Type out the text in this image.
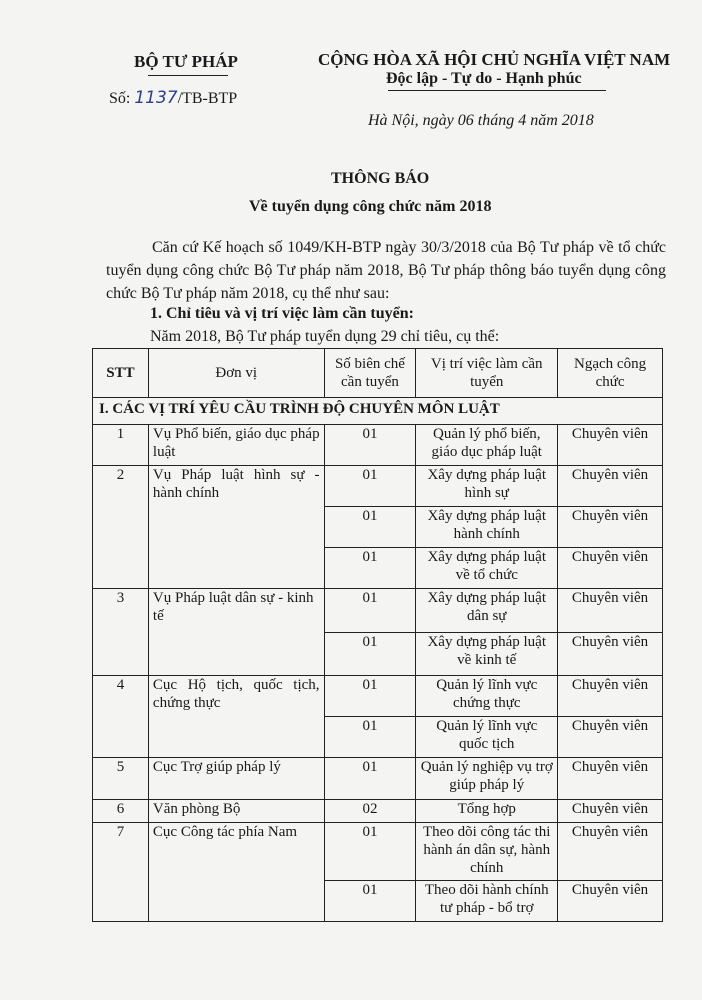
BỘ TƯ PHÁP
Số: 1137/TB-BTP
CỘNG HÒA XÃ HỘI CHỦ NGHĨA VIỆT NAM
Độc lập - Tự do - Hạnh phúc
Hà Nội, ngày 06 tháng 4 năm 2018
THÔNG BÁO
Về tuyển dụng công chức năm 2018
Căn cứ Kế hoạch số 1049/KH-BTP ngày 30/3/2018 của Bộ Tư pháp về tổ chức tuyển dụng công chức Bộ Tư pháp năm 2018, Bộ Tư pháp thông báo tuyển dụng công chức Bộ Tư pháp năm 2018, cụ thể như sau:
1. Chỉ tiêu và vị trí việc làm cần tuyển:
Năm 2018, Bộ Tư pháp tuyển dụng 29 chỉ tiêu, cụ thể:
STT	Đơn vị	Số biên chế cần tuyển	Vị trí việc làm cần tuyển	Ngạch công chức
I. CÁC VỊ TRÍ YÊU CẦU TRÌNH ĐỘ CHUYÊN MÔN LUẬT				
1	Vụ Phổ biến, giáo dục pháp luật	01	Quản lý phổ biến, giáo dục pháp luật	Chuyên viên
2	Vụ Pháp luật hình sự - hành chính	01	Xây dựng pháp luật hình sự	Chuyên viên
		01	Xây dựng pháp luật hành chính	Chuyên viên
		01	Xây dựng pháp luật về tổ chức	Chuyên viên
3	Vụ Pháp luật dân sự - kinh tế	01	Xây dựng pháp luật dân sự	Chuyên viên
		01	Xây dựng pháp luật về kinh tế	Chuyên viên
4	Cục Hộ tịch, quốc tịch, chứng thực	01	Quản lý lĩnh vực chứng thực	Chuyên viên
		01	Quản lý lĩnh vực quốc tịch	Chuyên viên
5	Cục Trợ giúp pháp lý	01	Quản lý nghiệp vụ trợ giúp pháp lý	Chuyên viên
6	Văn phòng Bộ	02	Tổng hợp	Chuyên viên
7	Cục Công tác phía Nam	01	Theo dõi công tác thi hành án dân sự, hành chính	Chuyên viên
		01	Theo dõi hành chính tư pháp - bổ trợ	Chuyên viên
